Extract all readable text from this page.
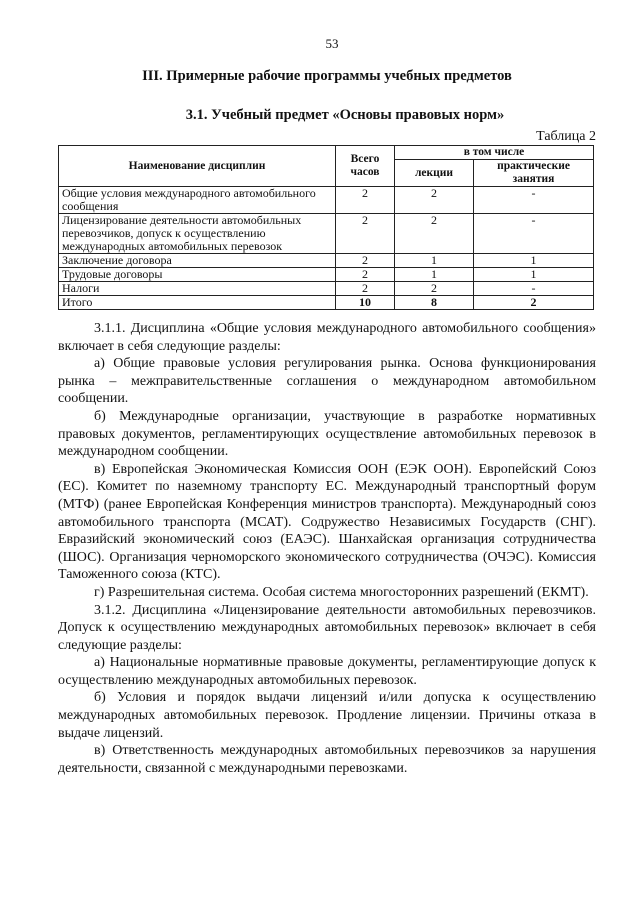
53
III. Примерные рабочие программы учебных предметов
3.1. Учебный предмет «Основы правовых норм»
Таблица 2
Наименование дисциплин	Всего часов	в том числе	
		лекции	практические занятия
Общие условия международного автомобильного сообщения	2	2	-
Лицензирование деятельности автомобильных перевозчиков, допуск к осуществлению международных автомобильных перевозок	2	2	-
Заключение договора	2	1	1
Трудовые договоры	2	1	1
Налоги	2	2	-
Итого	10	8	2

3.1.1. Дисциплина «Общие условия международного автомобильного сообщения» включает в себя следующие разделы:

а) Общие правовые условия регулирования рынка. Основа функционирования рынка – межправительственные соглашения о международном автомобильном сообщении.

б) Международные организации, участвующие в разработке нормативных правовых документов, регламентирующих осуществление автомобильных перевозок в международном сообщении.

в) Европейская Экономическая Комиссия ООН (ЕЭК ООН). Европейский Союз (ЕС). Комитет по наземному транспорту ЕС. Международный транспортный форум (МТФ) (ранее Европейская Конференция министров транспорта). Международный союз автомобильного транспорта (МСАТ). Содружество Независимых Государств (СНГ). Евразийский экономический союз (ЕАЭС). Шанхайская организация сотрудничества (ШОС). Организация черноморского экономического сотрудничества (ОЧЭС). Комиссия Таможенного союза (КТС).

г) Разрешительная система. Особая система многосторонних разрешений (ЕКМТ).

3.1.2. Дисциплина «Лицензирование деятельности автомобильных перевозчиков. Допуск к осуществлению международных автомобильных перевозок» включает в себя следующие разделы:

а) Национальные нормативные правовые документы, регламентирующие допуск к осуществлению международных автомобильных перевозок.

б) Условия и порядок выдачи лицензий и/или допуска к осуществлению международных автомобильных перевозок. Продление лицензии. Причины отказа в выдаче лицензий.

в) Ответственность международных автомобильных перевозчиков за нарушения деятельности, связанной с международными перевозками.
